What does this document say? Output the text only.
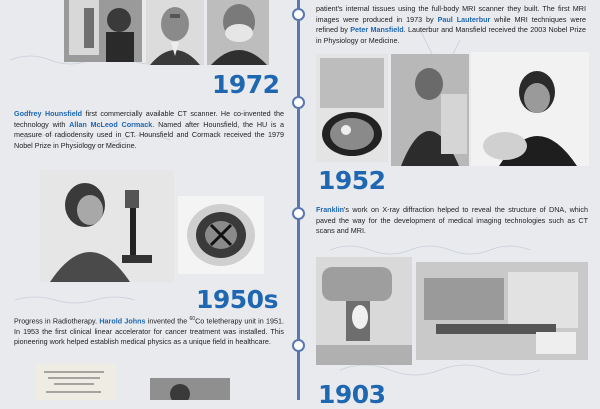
1972

Godfrey Hounsfield first commercially available CT scanner. He co-invented the technology with Allan McLeod Cormack. Named after Hounsfield, the HU is a measure of radiodensity used in CT. Hounsfield and Cormack received the 1979 Nobel Prize in Physiology or Medicine.

1950s

Progress in Radiotherapy. Harold Johns invented the $^{60}$Co teletherapy unit in 1951. In 1953 the first clinical linear accelerator for cancer treatment was installed. This pioneering work helped establish medical physics as a unique field in healthcare.

patient's internal tissues using the full-body MRI scanner they built. The first MRI images were produced in 1973 by Paul Lauterbur while MRI techniques were refined by Peter Mansfield. Lauterbur and Mansfield received the 2003 Nobel Prize in Physiology or Medicine.

1952

Franklin's work on X-ray diffraction helped to reveal the structure of DNA, which paved the way for the development of medical imaging technologies such as CT scans and MRI.

1903
